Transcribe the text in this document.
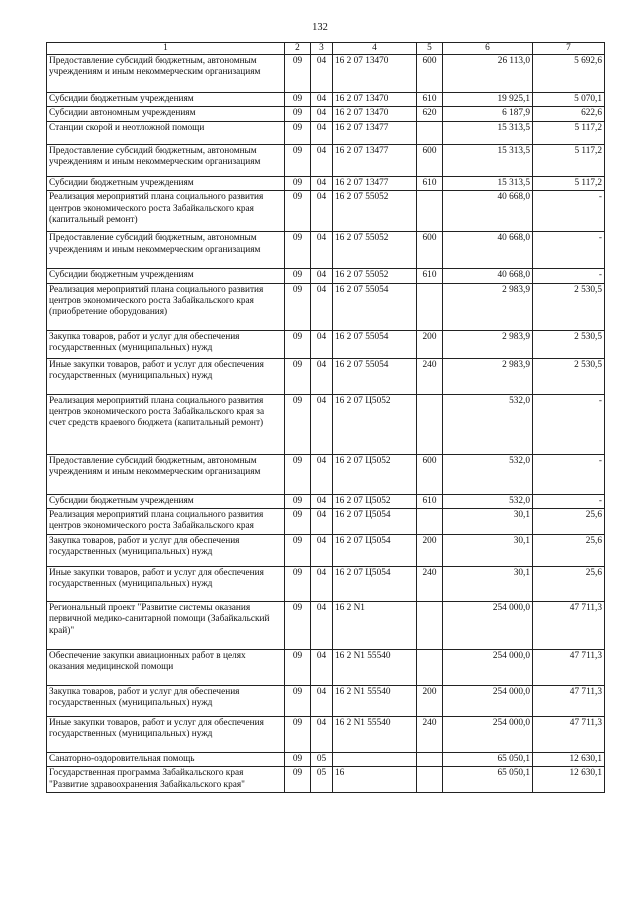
132
1	2	3	4	5	6	7
Предоставление субсидий бюджетным, автономным учреждениям и иным некоммерческим организациям	09	04	16 2 07 13470	600	26 113,0	5 692,6
Субсидии бюджетным учреждениям	09	04	16 2 07 13470	610	19 925,1	5 070,1
Субсидии автономным учреждениям	09	04	16 2 07 13470	620	6 187,9	622,6
Станции скорой и неотложной помощи	09	04	16 2 07 13477		15 313,5	5 117,2
Предоставление субсидий бюджетным, автономным учреждениям и иным некоммерческим организациям	09	04	16 2 07 13477	600	15 313,5	5 117,2
Субсидии бюджетным учреждениям	09	04	16 2 07 13477	610	15 313,5	5 117,2
Реализация мероприятий плана социального развития центров экономического роста Забайкальского края (капитальный ремонт)	09	04	16 2 07 55052		40 668,0	-
Предоставление субсидий бюджетным, автономным учреждениям и иным некоммерческим организациям	09	04	16 2 07 55052	600	40 668,0	-
Субсидии бюджетным учреждениям	09	04	16 2 07 55052	610	40 668,0	-
Реализация мероприятий плана социального развития центров экономического роста Забайкальского края (приобретение оборудования)	09	04	16 2 07 55054		2 983,9	2 530,5
Закупка товаров, работ и услуг для обеспечения государственных (муниципальных) нужд	09	04	16 2 07 55054	200	2 983,9	2 530,5
Иные закупки товаров, работ и услуг для обеспечения государственных (муниципальных) нужд	09	04	16 2 07 55054	240	2 983,9	2 530,5
Реализация мероприятий плана социального развития центров экономического роста Забайкальского края за счет средств краевого бюджета (капитальный ремонт)	09	04	16 2 07 Ц5052		532,0	-
Предоставление субсидий бюджетным, автономным учреждениям и иным некоммерческим организациям	09	04	16 2 07 Ц5052	600	532,0	-
Субсидии бюджетным учреждениям	09	04	16 2 07 Ц5052	610	532,0	-
Реализация мероприятий плана социального развития центров экономического роста Забайкальского края	09	04	16 2 07 Ц5054		30,1	25,6
Закупка товаров, работ и услуг для обеспечения государственных (муниципальных) нужд	09	04	16 2 07 Ц5054	200	30,1	25,6
Иные закупки товаров, работ и услуг для обеспечения государственных (муниципальных) нужд	09	04	16 2 07 Ц5054	240	30,1	25,6
Региональный проект "Развитие системы оказания первичной медико-санитарной помощи (Забайкальский край)"	09	04	16 2 N1		254 000,0	47 711,3
Обеспечение закупки авиационных работ в целях оказания медицинской помощи	09	04	16 2 N1 55540		254 000,0	47 711,3
Закупка товаров, работ и услуг для обеспечения государственных (муниципальных) нужд	09	04	16 2 N1 55540	200	254 000,0	47 711,3
Иные закупки товаров, работ и услуг для обеспечения государственных (муниципальных) нужд	09	04	16 2 N1 55540	240	254 000,0	47 711,3
Санаторно-оздоровительная помощь	09	05			65 050,1	12 630,1
Государственная программа Забайкальского края "Развитие здравоохранения Забайкальского края"	09	05	16		65 050,1	12 630,1
